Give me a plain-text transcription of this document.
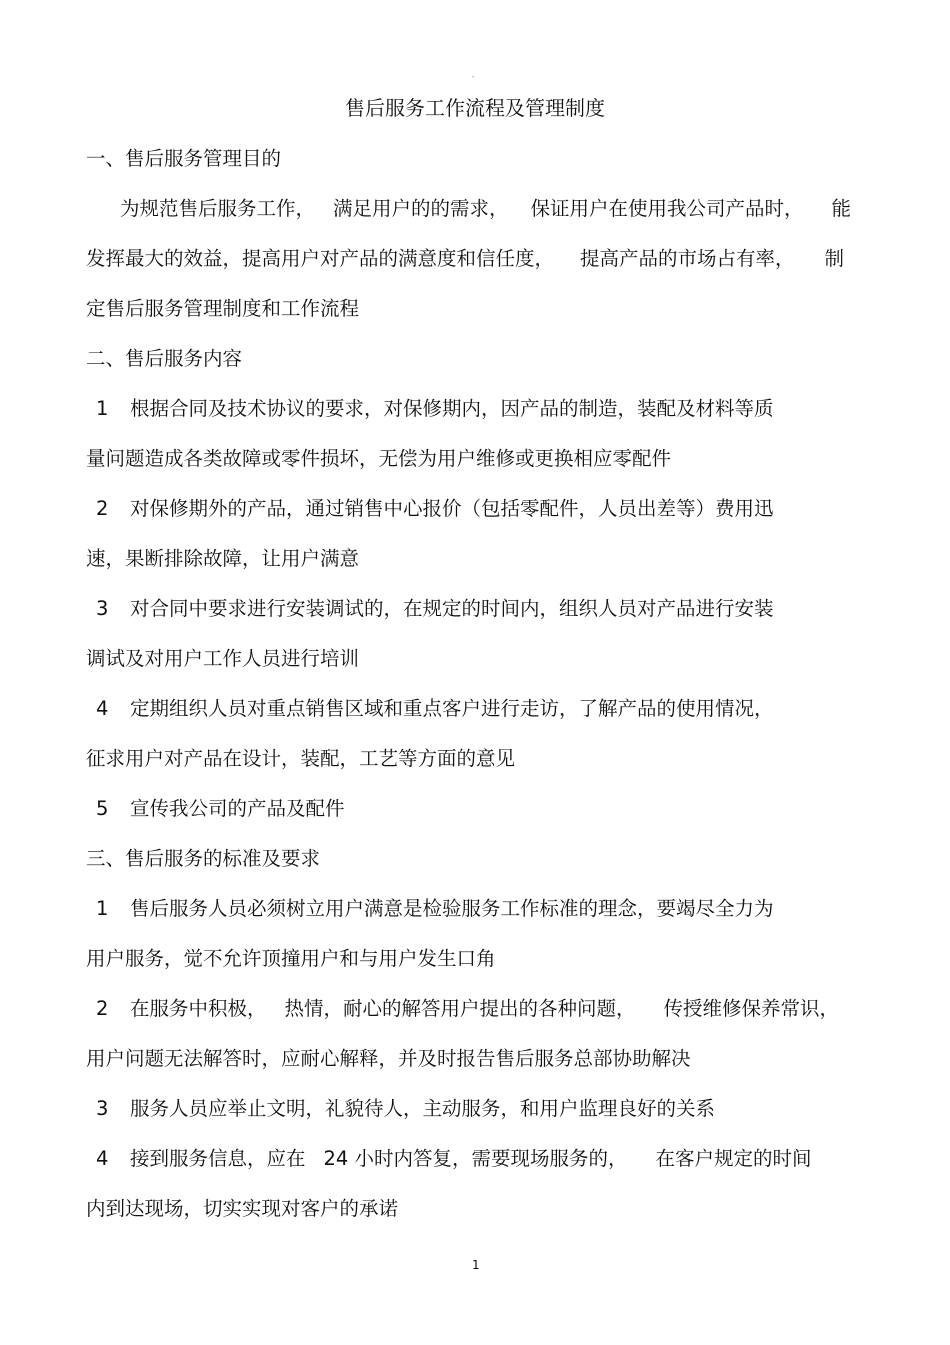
。
售后服务工作流程及管理制度
一、售后服务管理目的
为规范售后服务工作， 满足用户的的需求， 保证用户在使用我公司产品时， 能
发挥最大的效益，提高用户对产品的满意度和信任度， 提高产品的市场占有率， 制
定售后服务管理制度和工作流程
二、售后服务内容
1 根据合同及技术协议的要求，对保修期内，因产品的制造，装配及材料等质
量问题造成各类故障或零件损坏，无偿为用户维修或更换相应零配件
2 对保修期外的产品，通过销售中心报价（包括零配件，人员出差等）费用迅
速，果断排除故障，让用户满意
3 对合同中要求进行安装调试的，在规定的时间内，组织人员对产品进行安装
调试及对用户工作人员进行培训
4 定期组织人员对重点销售区域和重点客户进行走访，了解产品的使用情况，
征求用户对产品在设计，装配，工艺等方面的意见
5 宣传我公司的产品及配件
三、售后服务的标准及要求
1 售后服务人员必须树立用户满意是检验服务工作标准的理念，要竭尽全力为
用户服务，觉不允许顶撞用户和与用户发生口角
2 在服务中积极， 热情，耐心的解答用户提出的各种问题， 传授维修保养常识，
用户问题无法解答时，应耐心解释，并及时报告售后服务总部协助解决
3 服务人员应举止文明，礼貌待人，主动服务，和用户监理良好的关系
4 接到服务信息，应在 24 小时内答复，需要现场服务的， 在客户规定的时间
内到达现场，切实实现对客户的承诺
1
